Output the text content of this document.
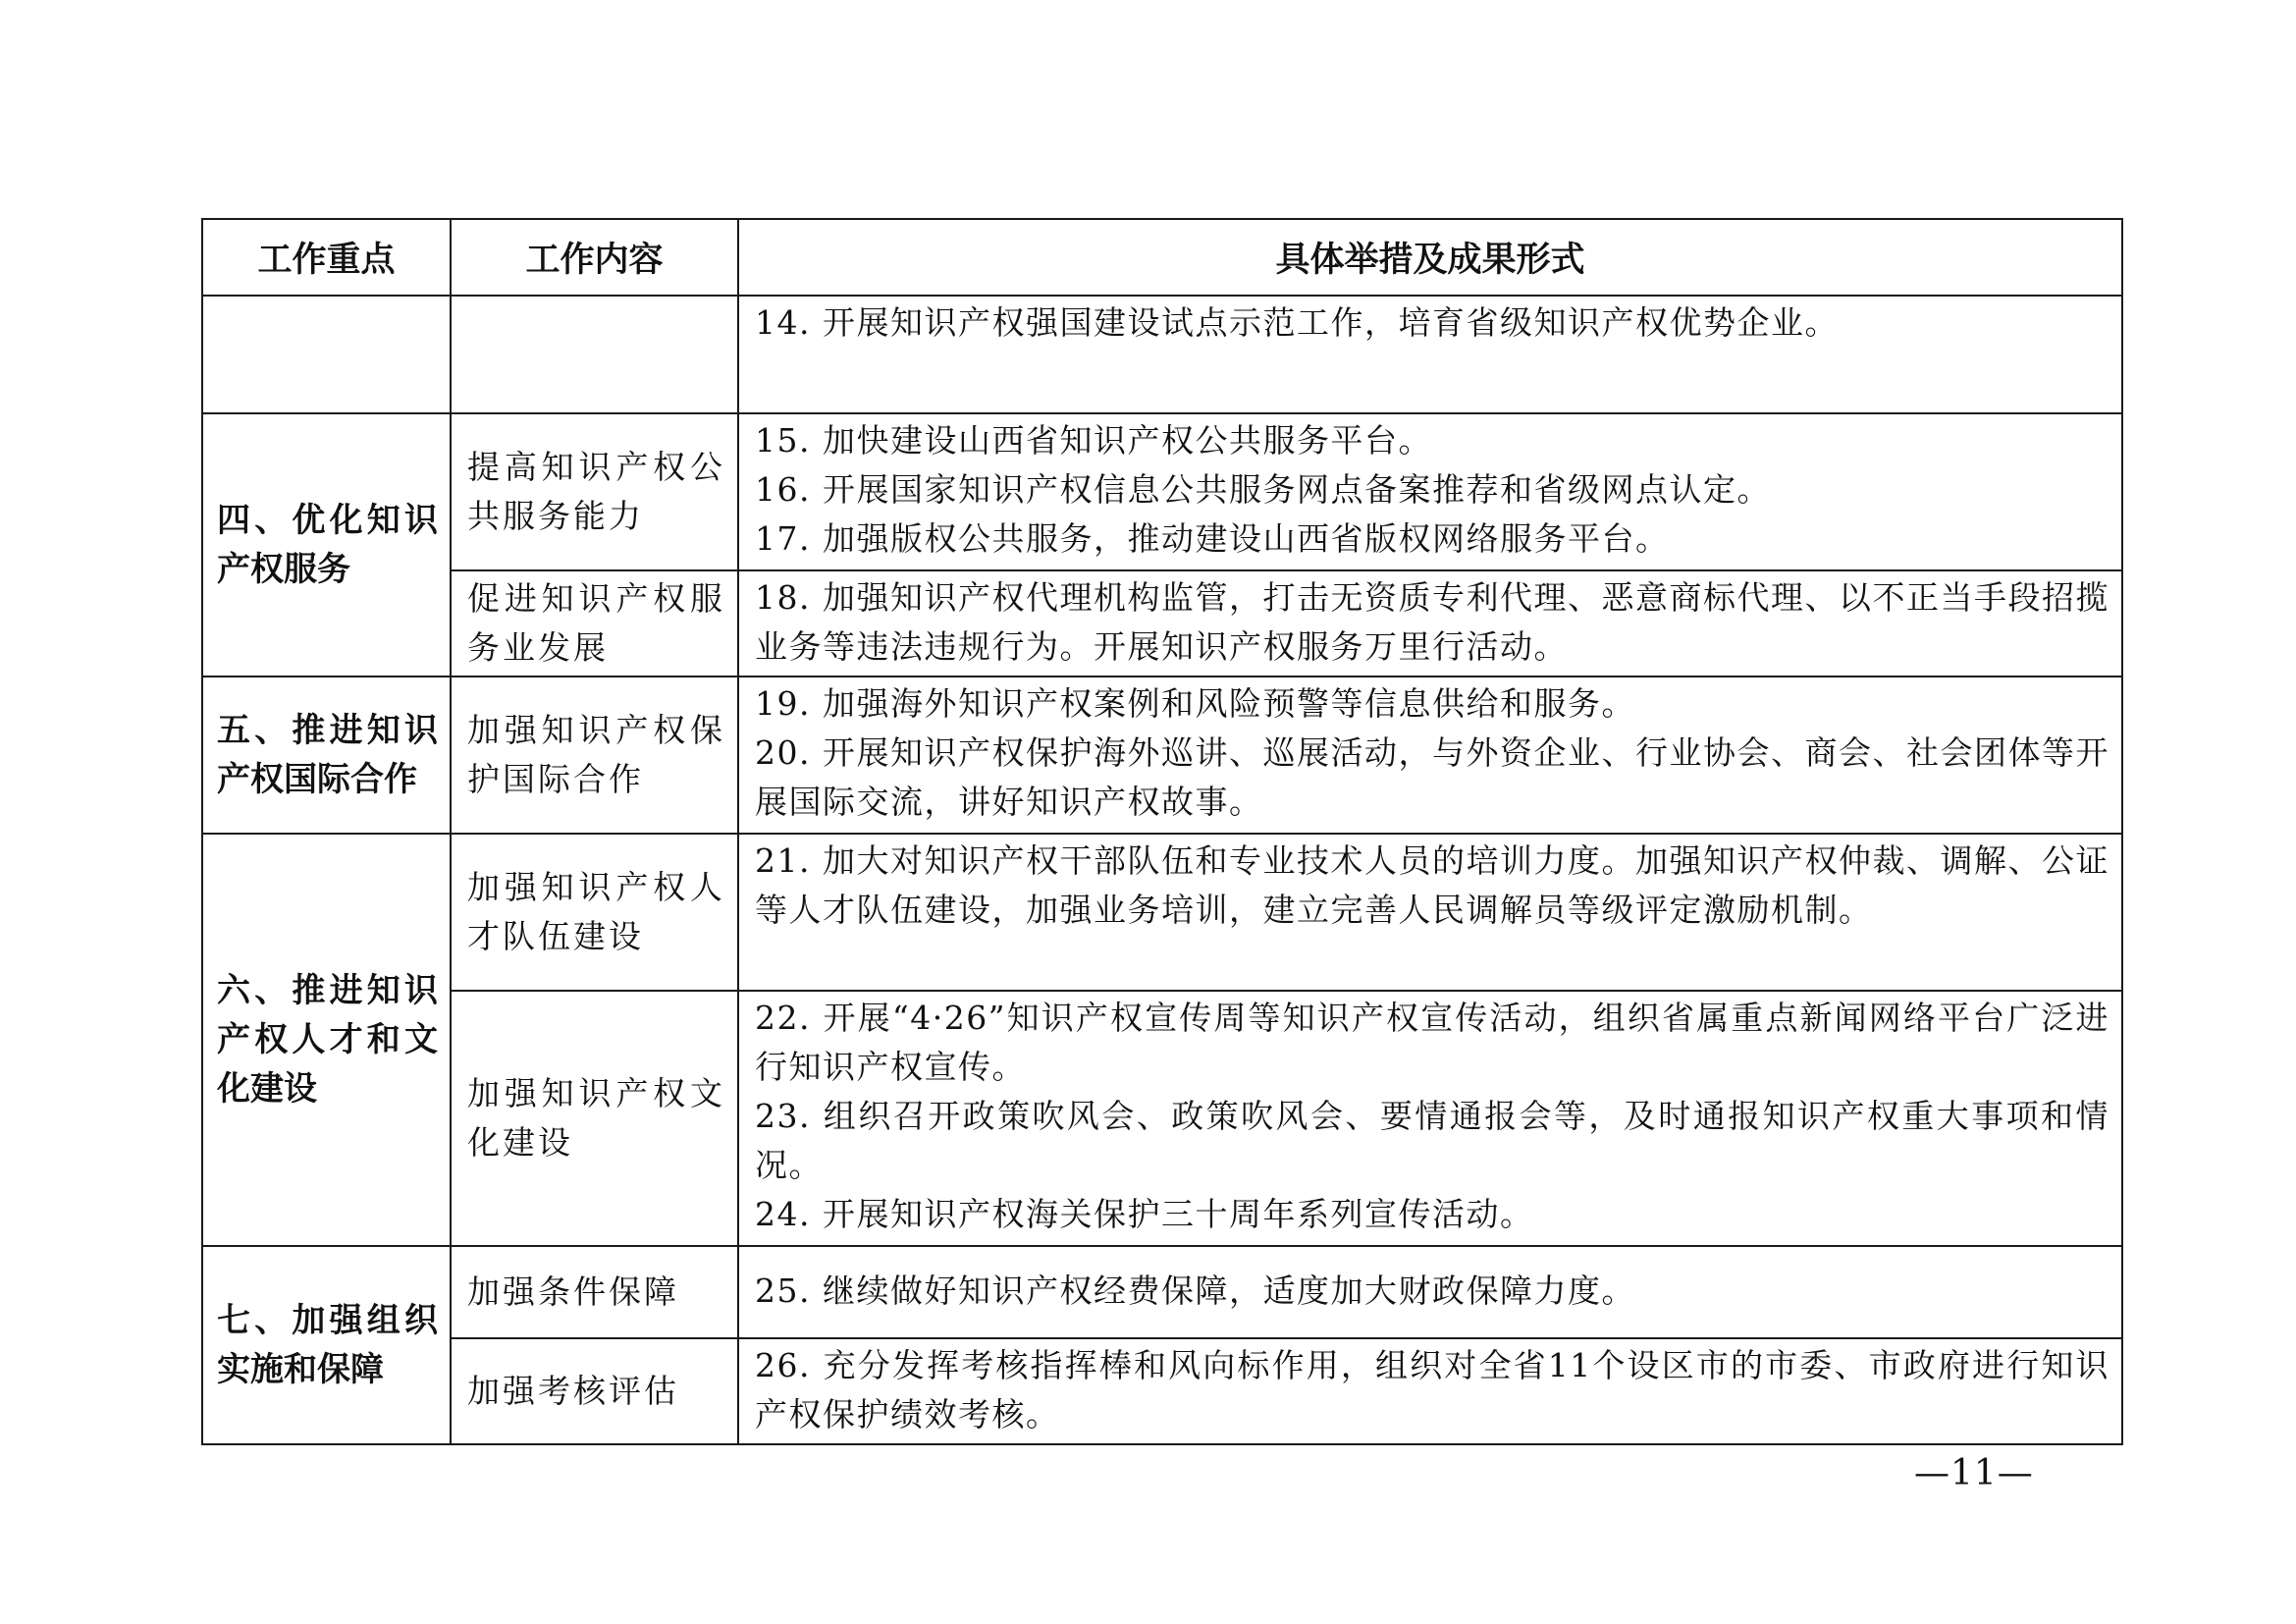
工作重点	工作内容	具体举措及成果形式

		14. 开展知识产权强国建设试点示范工作，培育省级知识产权优势企业。

四、优化知识产权服务	提高知识产权公共服务能力	15. 加快建设山西省知识产权公共服务平台。

16. 开展国家知识产权信息公共服务网点备案推荐和省级网点认定。

17. 加强版权公共服务，推动建设山西省版权网络服务平台。

	促进知识产权服务业发展	18. 加强知识产权代理机构监管，打击无资质专利代理、恶意商标代理、以不正当手段招揽业务等违法违规行为。开展知识产权服务万里行活动。

五、推进知识产权国际合作	加强知识产权保护国际合作	19. 加强海外知识产权案例和风险预警等信息供给和服务。

20. 开展知识产权保护海外巡讲、巡展活动，与外资企业、行业协会、商会、社会团体等开展国际交流，讲好知识产权故事。

六、推进知识产权人才和文化建设	加强知识产权人才队伍建设	21. 加大对知识产权干部队伍和专业技术人员的培训力度。加强知识产权仲裁、调解、公证等人才队伍建设，加强业务培训，建立完善人民调解员等级评定激励机制。

	加强知识产权文化建设	22. 开展“4·26”知识产权宣传周等知识产权宣传活动，组织省属重点新闻网络平台广泛进行知识产权宣传。

23. 组织召开政策吹风会、政策吹风会、要情通报会等，及时通报知识产权重大事项和情况。

24. 开展知识产权海关保护三十周年系列宣传活动。

七、加强组织实施和保障	加强条件保障	25. 继续做好知识产权经费保障，适度加大财政保障力度。

	加强考核评估	26. 充分发挥考核指挥棒和风向标作用，组织对全省11个设区市的市委、市政府进行知识产权保护绩效考核。

—11—
